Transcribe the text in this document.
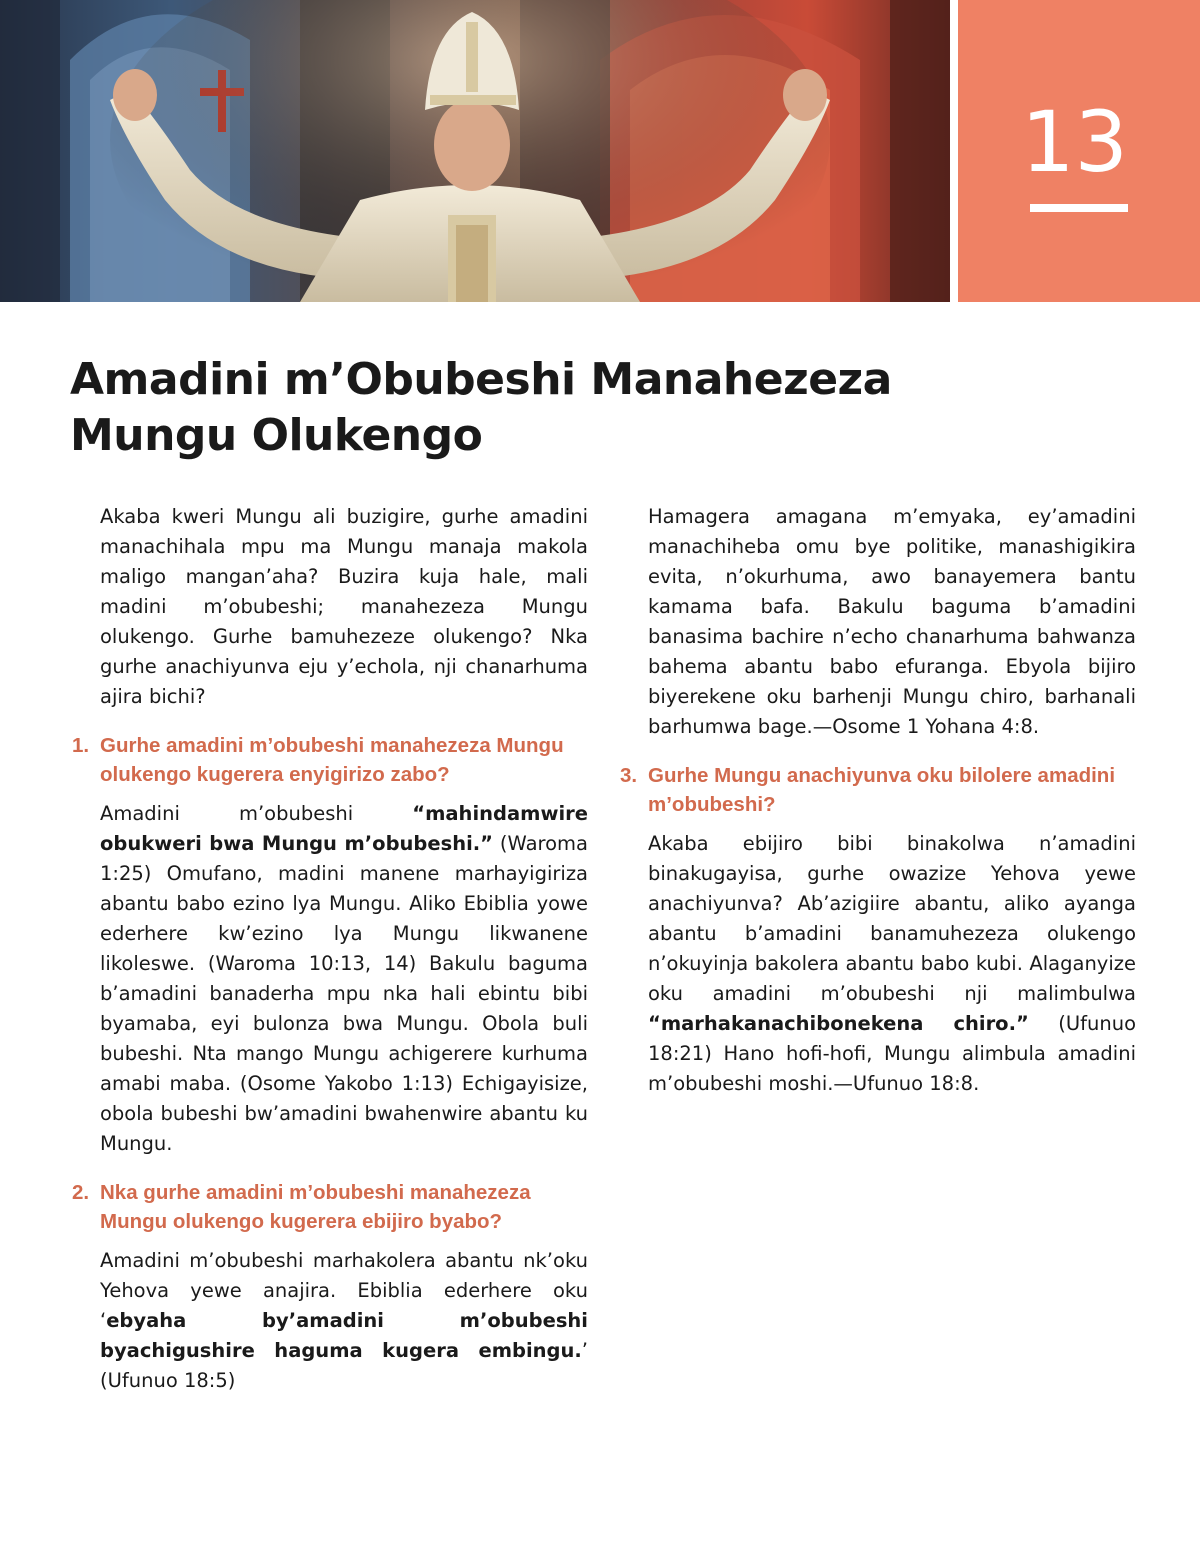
13
Amadini m’Obubeshi Manahezeza
Mungu Olukengo

Akaba kweri Mungu ali buzigire, gurhe amadini manachihala mpu ma Mungu manaja makola maligo mangan’aha? Buzira kuja hale, mali madini m’obubeshi; manahezeza Mungu olukengo. Gurhe bamuhezeze olukengo? Nka gurhe anachiyunva eju y’echola, nji chanarhuma ajira bichi?

1. Gurhe amadini m’obubeshi manahezeza Mungu olukengo kugerera enyigirizo zabo?

Amadini m’obubeshi “mahindamwire obukweri bwa Mungu m’obubeshi.” (Waroma 1:25) Omufano, madini manene marhayigiriza abantu babo ezino lya Mungu. Aliko Ebiblia yowe ederhere kw’ezino lya Mungu likwanene likoleswe. (Waroma 10:13, 14) Bakulu baguma b’amadini banaderha mpu nka hali ebintu bibi byamaba, eyi bulonza bwa Mungu. Obola buli bubeshi. Nta mango Mungu achigerere kurhuma amabi maba. (Osome Yakobo 1:13) Echigayisize, obola bubeshi bw’amadini bwahenwire abantu ku Mungu.

2. Nka gurhe amadini m’obubeshi manahezeza Mungu olukengo kugerera ebijiro byabo?

Amadini m’obubeshi marhakolera abantu nk’oku Yehova yewe anajira. Ebiblia ederhere oku ‘ebyaha by’amadini m’obubeshi byachigushire haguma kugera embingu.’ (Ufunuo 18:5)

Hamagera amagana m’emyaka, ey’amadini manachiheba omu bye politike, manashigikira evita, n’okurhuma, awo banayemera bantu kamama bafa. Bakulu baguma b’amadini banasima bachire n’echo chanarhuma bahwanza bahema abantu babo efuranga. Ebyola bijiro biyerekene oku barhenji Mungu chiro, barhanali barhumwa bage.—Osome 1 Yohana 4:8.

3. Gurhe Mungu anachiyunva oku bilolere amadini m’obubeshi?

Akaba ebijiro bibi binakolwa n’amadini binakugayisa, gurhe owazize Yehova yewe anachiyunva? Ab’azigiire abantu, aliko ayanga abantu b’amadini banamuhezeza olukengo n’okuyinja bakolera abantu babo kubi. Alaganyize oku amadini m’obubeshi nji malimbulwa “marhakanachibonekena chiro.” (Ufunuo 18:21) Hano hofi-hofi, Mungu alimbula amadini m’obubeshi moshi.—Ufunuo 18:8.
